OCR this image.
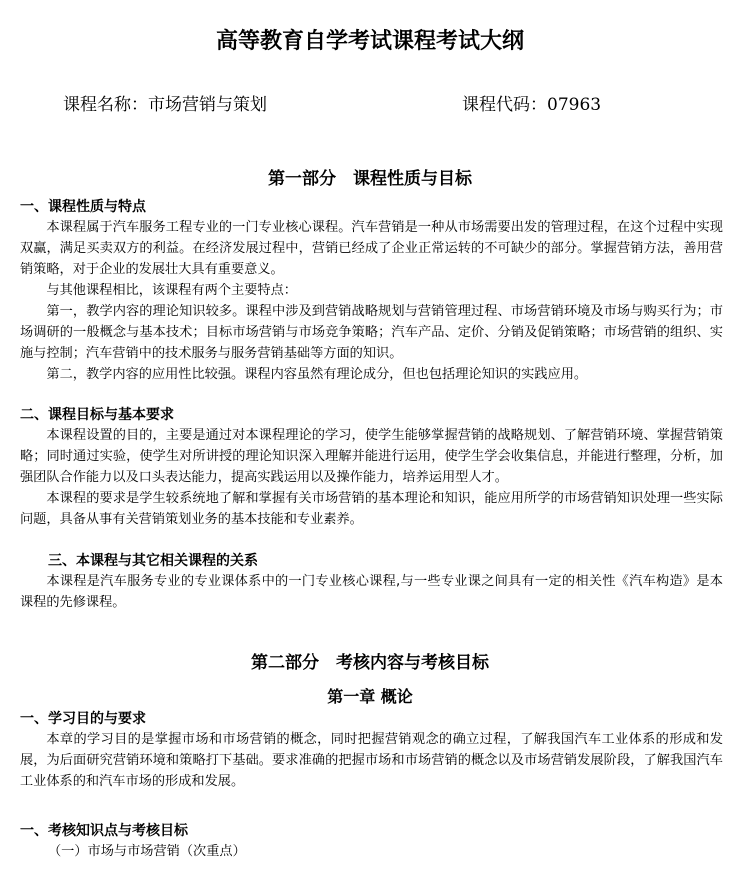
高等教育自学考试课程考试大纲
课程名称：市场营销与策划	课程代码：07963
第一部分　课程性质与目标
一、课程性质与特点

本课程属于汽车服务工程专业的一门专业核心课程。汽车营销是一种从市场需要出发的管理过程，在这个过程中实现双赢，满足买卖双方的利益。在经济发展过程中，营销已经成了企业正常运转的不可缺少的部分。掌握营销方法，善用营销策略，对于企业的发展壮大具有重要意义。

与其他课程相比，该课程有两个主要特点：

第一，教学内容的理论知识较多。课程中涉及到营销战略规划与营销管理过程、市场营销环境及市场与购买行为；市场调研的一般概念与基本技术；目标市场营销与市场竞争策略；汽车产品、定价、分销及促销策略；市场营销的组织、实施与控制；汽车营销中的技术服务与服务营销基础等方面的知识。

第二，教学内容的应用性比较强。课程内容虽然有理论成分，但也包括理论知识的实践应用。

二、课程目标与基本要求

本课程设置的目的，主要是通过对本课程理论的学习，使学生能够掌握营销的战略规划、了解营销环境、掌握营销策略；同时通过实验，使学生对所讲授的理论知识深入理解并能进行运用，使学生学会收集信息，并能进行整理，分析，加强团队合作能力以及口头表达能力，提高实践运用以及操作能力，培养运用型人才。

本课程的要求是学生较系统地了解和掌握有关市场营销的基本理论和知识，能应用所学的市场营销知识处理一些实际问题，具备从事有关营销策划业务的基本技能和专业素养。

三、本课程与其它相关课程的关系

本课程是汽车服务专业的专业课体系中的一门专业核心课程,与一些专业课之间具有一定的相关性《汽车构造》是本课程的先修课程。

第二部分　考核内容与考核目标
第一章 概论
一、学习目的与要求

本章的学习目的是掌握市场和市场营销的概念，同时把握营销观念的确立过程，了解我国汽车工业体系的形成和发展，为后面研究营销环境和策略打下基础。要求准确的把握市场和市场营销的概念以及市场营销发展阶段，了解我国汽车工业体系的和汽车市场的形成和发展。

一、考核知识点与考核目标
（一）市场与市场营销（次重点）
